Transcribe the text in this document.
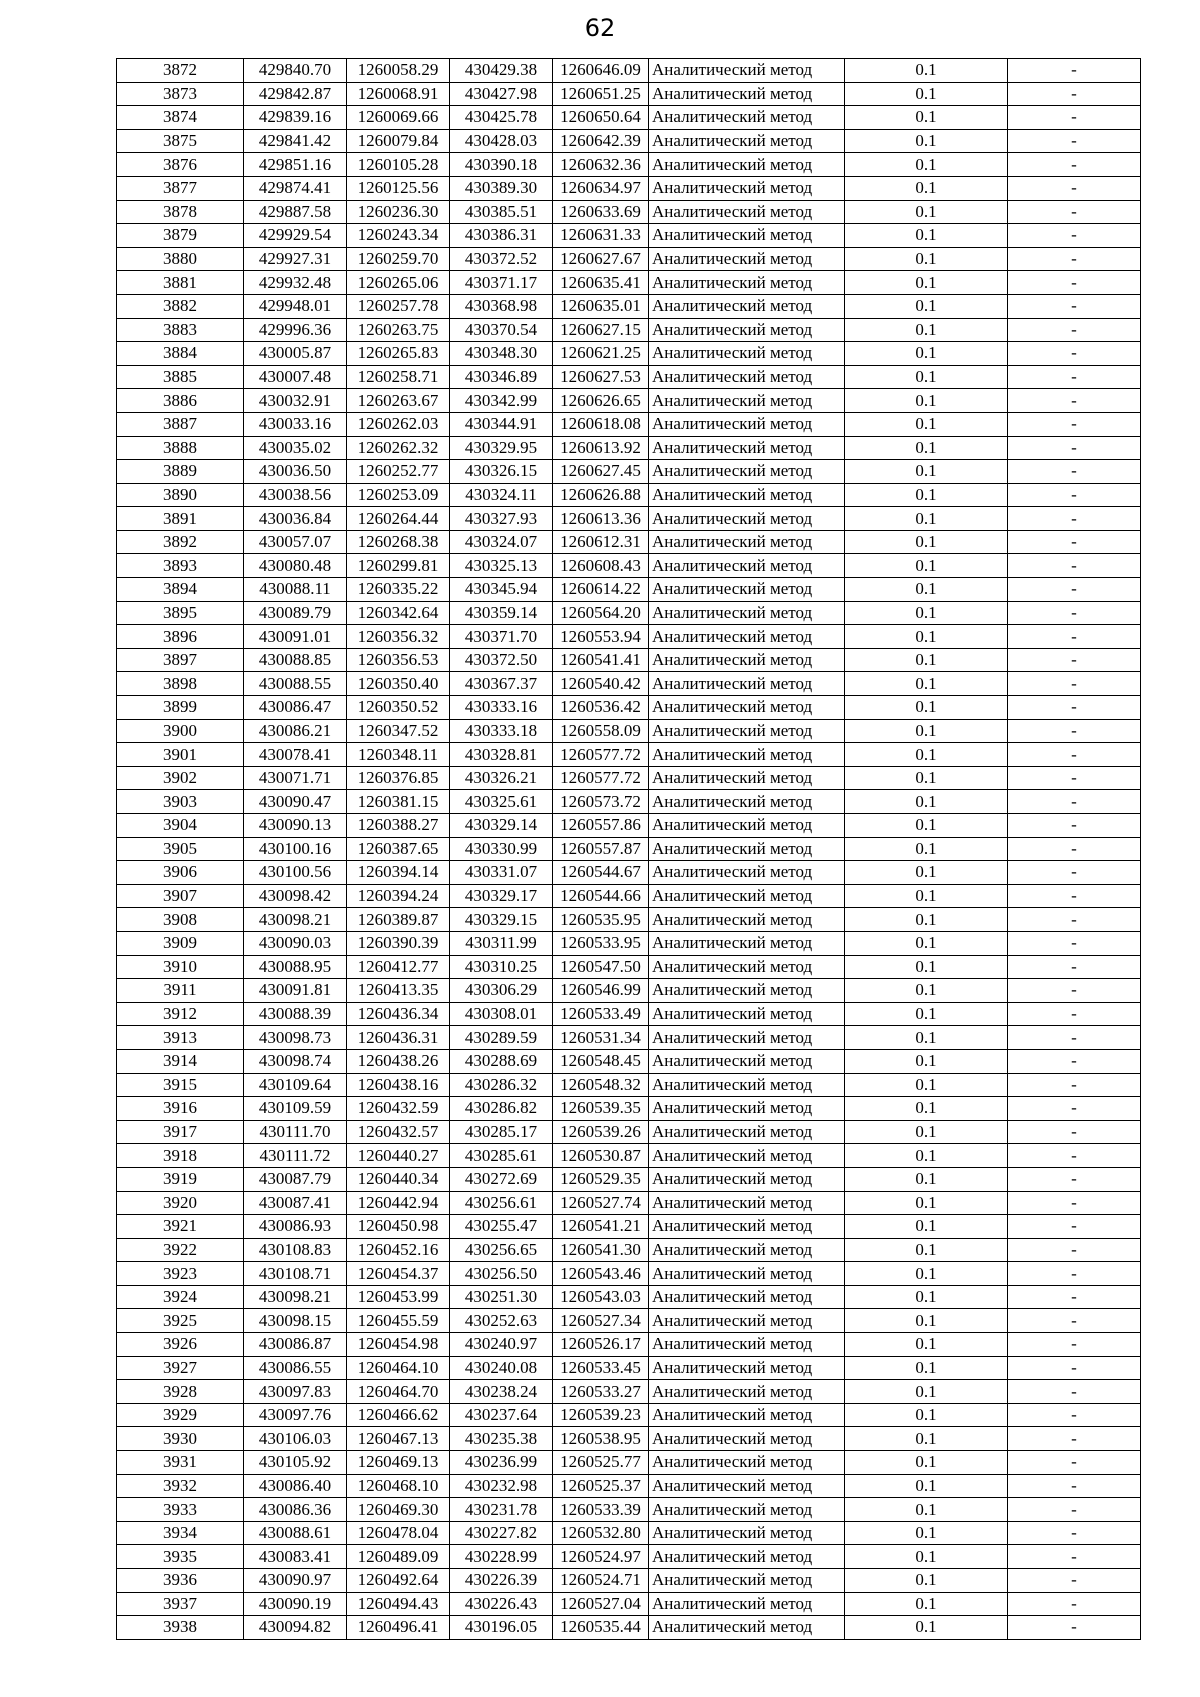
62
3872	429840.70	1260058.29	430429.38	1260646.09	Аналитический метод	0.1	-
3873	429842.87	1260068.91	430427.98	1260651.25	Аналитический метод	0.1	-
3874	429839.16	1260069.66	430425.78	1260650.64	Аналитический метод	0.1	-
3875	429841.42	1260079.84	430428.03	1260642.39	Аналитический метод	0.1	-
3876	429851.16	1260105.28	430390.18	1260632.36	Аналитический метод	0.1	-
3877	429874.41	1260125.56	430389.30	1260634.97	Аналитический метод	0.1	-
3878	429887.58	1260236.30	430385.51	1260633.69	Аналитический метод	0.1	-
3879	429929.54	1260243.34	430386.31	1260631.33	Аналитический метод	0.1	-
3880	429927.31	1260259.70	430372.52	1260627.67	Аналитический метод	0.1	-
3881	429932.48	1260265.06	430371.17	1260635.41	Аналитический метод	0.1	-
3882	429948.01	1260257.78	430368.98	1260635.01	Аналитический метод	0.1	-
3883	429996.36	1260263.75	430370.54	1260627.15	Аналитический метод	0.1	-
3884	430005.87	1260265.83	430348.30	1260621.25	Аналитический метод	0.1	-
3885	430007.48	1260258.71	430346.89	1260627.53	Аналитический метод	0.1	-
3886	430032.91	1260263.67	430342.99	1260626.65	Аналитический метод	0.1	-
3887	430033.16	1260262.03	430344.91	1260618.08	Аналитический метод	0.1	-
3888	430035.02	1260262.32	430329.95	1260613.92	Аналитический метод	0.1	-
3889	430036.50	1260252.77	430326.15	1260627.45	Аналитический метод	0.1	-
3890	430038.56	1260253.09	430324.11	1260626.88	Аналитический метод	0.1	-
3891	430036.84	1260264.44	430327.93	1260613.36	Аналитический метод	0.1	-
3892	430057.07	1260268.38	430324.07	1260612.31	Аналитический метод	0.1	-
3893	430080.48	1260299.81	430325.13	1260608.43	Аналитический метод	0.1	-
3894	430088.11	1260335.22	430345.94	1260614.22	Аналитический метод	0.1	-
3895	430089.79	1260342.64	430359.14	1260564.20	Аналитический метод	0.1	-
3896	430091.01	1260356.32	430371.70	1260553.94	Аналитический метод	0.1	-
3897	430088.85	1260356.53	430372.50	1260541.41	Аналитический метод	0.1	-
3898	430088.55	1260350.40	430367.37	1260540.42	Аналитический метод	0.1	-
3899	430086.47	1260350.52	430333.16	1260536.42	Аналитический метод	0.1	-
3900	430086.21	1260347.52	430333.18	1260558.09	Аналитический метод	0.1	-
3901	430078.41	1260348.11	430328.81	1260577.72	Аналитический метод	0.1	-
3902	430071.71	1260376.85	430326.21	1260577.72	Аналитический метод	0.1	-
3903	430090.47	1260381.15	430325.61	1260573.72	Аналитический метод	0.1	-
3904	430090.13	1260388.27	430329.14	1260557.86	Аналитический метод	0.1	-
3905	430100.16	1260387.65	430330.99	1260557.87	Аналитический метод	0.1	-
3906	430100.56	1260394.14	430331.07	1260544.67	Аналитический метод	0.1	-
3907	430098.42	1260394.24	430329.17	1260544.66	Аналитический метод	0.1	-
3908	430098.21	1260389.87	430329.15	1260535.95	Аналитический метод	0.1	-
3909	430090.03	1260390.39	430311.99	1260533.95	Аналитический метод	0.1	-
3910	430088.95	1260412.77	430310.25	1260547.50	Аналитический метод	0.1	-
3911	430091.81	1260413.35	430306.29	1260546.99	Аналитический метод	0.1	-
3912	430088.39	1260436.34	430308.01	1260533.49	Аналитический метод	0.1	-
3913	430098.73	1260436.31	430289.59	1260531.34	Аналитический метод	0.1	-
3914	430098.74	1260438.26	430288.69	1260548.45	Аналитический метод	0.1	-
3915	430109.64	1260438.16	430286.32	1260548.32	Аналитический метод	0.1	-
3916	430109.59	1260432.59	430286.82	1260539.35	Аналитический метод	0.1	-
3917	430111.70	1260432.57	430285.17	1260539.26	Аналитический метод	0.1	-
3918	430111.72	1260440.27	430285.61	1260530.87	Аналитический метод	0.1	-
3919	430087.79	1260440.34	430272.69	1260529.35	Аналитический метод	0.1	-
3920	430087.41	1260442.94	430256.61	1260527.74	Аналитический метод	0.1	-
3921	430086.93	1260450.98	430255.47	1260541.21	Аналитический метод	0.1	-
3922	430108.83	1260452.16	430256.65	1260541.30	Аналитический метод	0.1	-
3923	430108.71	1260454.37	430256.50	1260543.46	Аналитический метод	0.1	-
3924	430098.21	1260453.99	430251.30	1260543.03	Аналитический метод	0.1	-
3925	430098.15	1260455.59	430252.63	1260527.34	Аналитический метод	0.1	-
3926	430086.87	1260454.98	430240.97	1260526.17	Аналитический метод	0.1	-
3927	430086.55	1260464.10	430240.08	1260533.45	Аналитический метод	0.1	-
3928	430097.83	1260464.70	430238.24	1260533.27	Аналитический метод	0.1	-
3929	430097.76	1260466.62	430237.64	1260539.23	Аналитический метод	0.1	-
3930	430106.03	1260467.13	430235.38	1260538.95	Аналитический метод	0.1	-
3931	430105.92	1260469.13	430236.99	1260525.77	Аналитический метод	0.1	-
3932	430086.40	1260468.10	430232.98	1260525.37	Аналитический метод	0.1	-
3933	430086.36	1260469.30	430231.78	1260533.39	Аналитический метод	0.1	-
3934	430088.61	1260478.04	430227.82	1260532.80	Аналитический метод	0.1	-
3935	430083.41	1260489.09	430228.99	1260524.97	Аналитический метод	0.1	-
3936	430090.97	1260492.64	430226.39	1260524.71	Аналитический метод	0.1	-
3937	430090.19	1260494.43	430226.43	1260527.04	Аналитический метод	0.1	-
3938	430094.82	1260496.41	430196.05	1260535.44	Аналитический метод	0.1	-
